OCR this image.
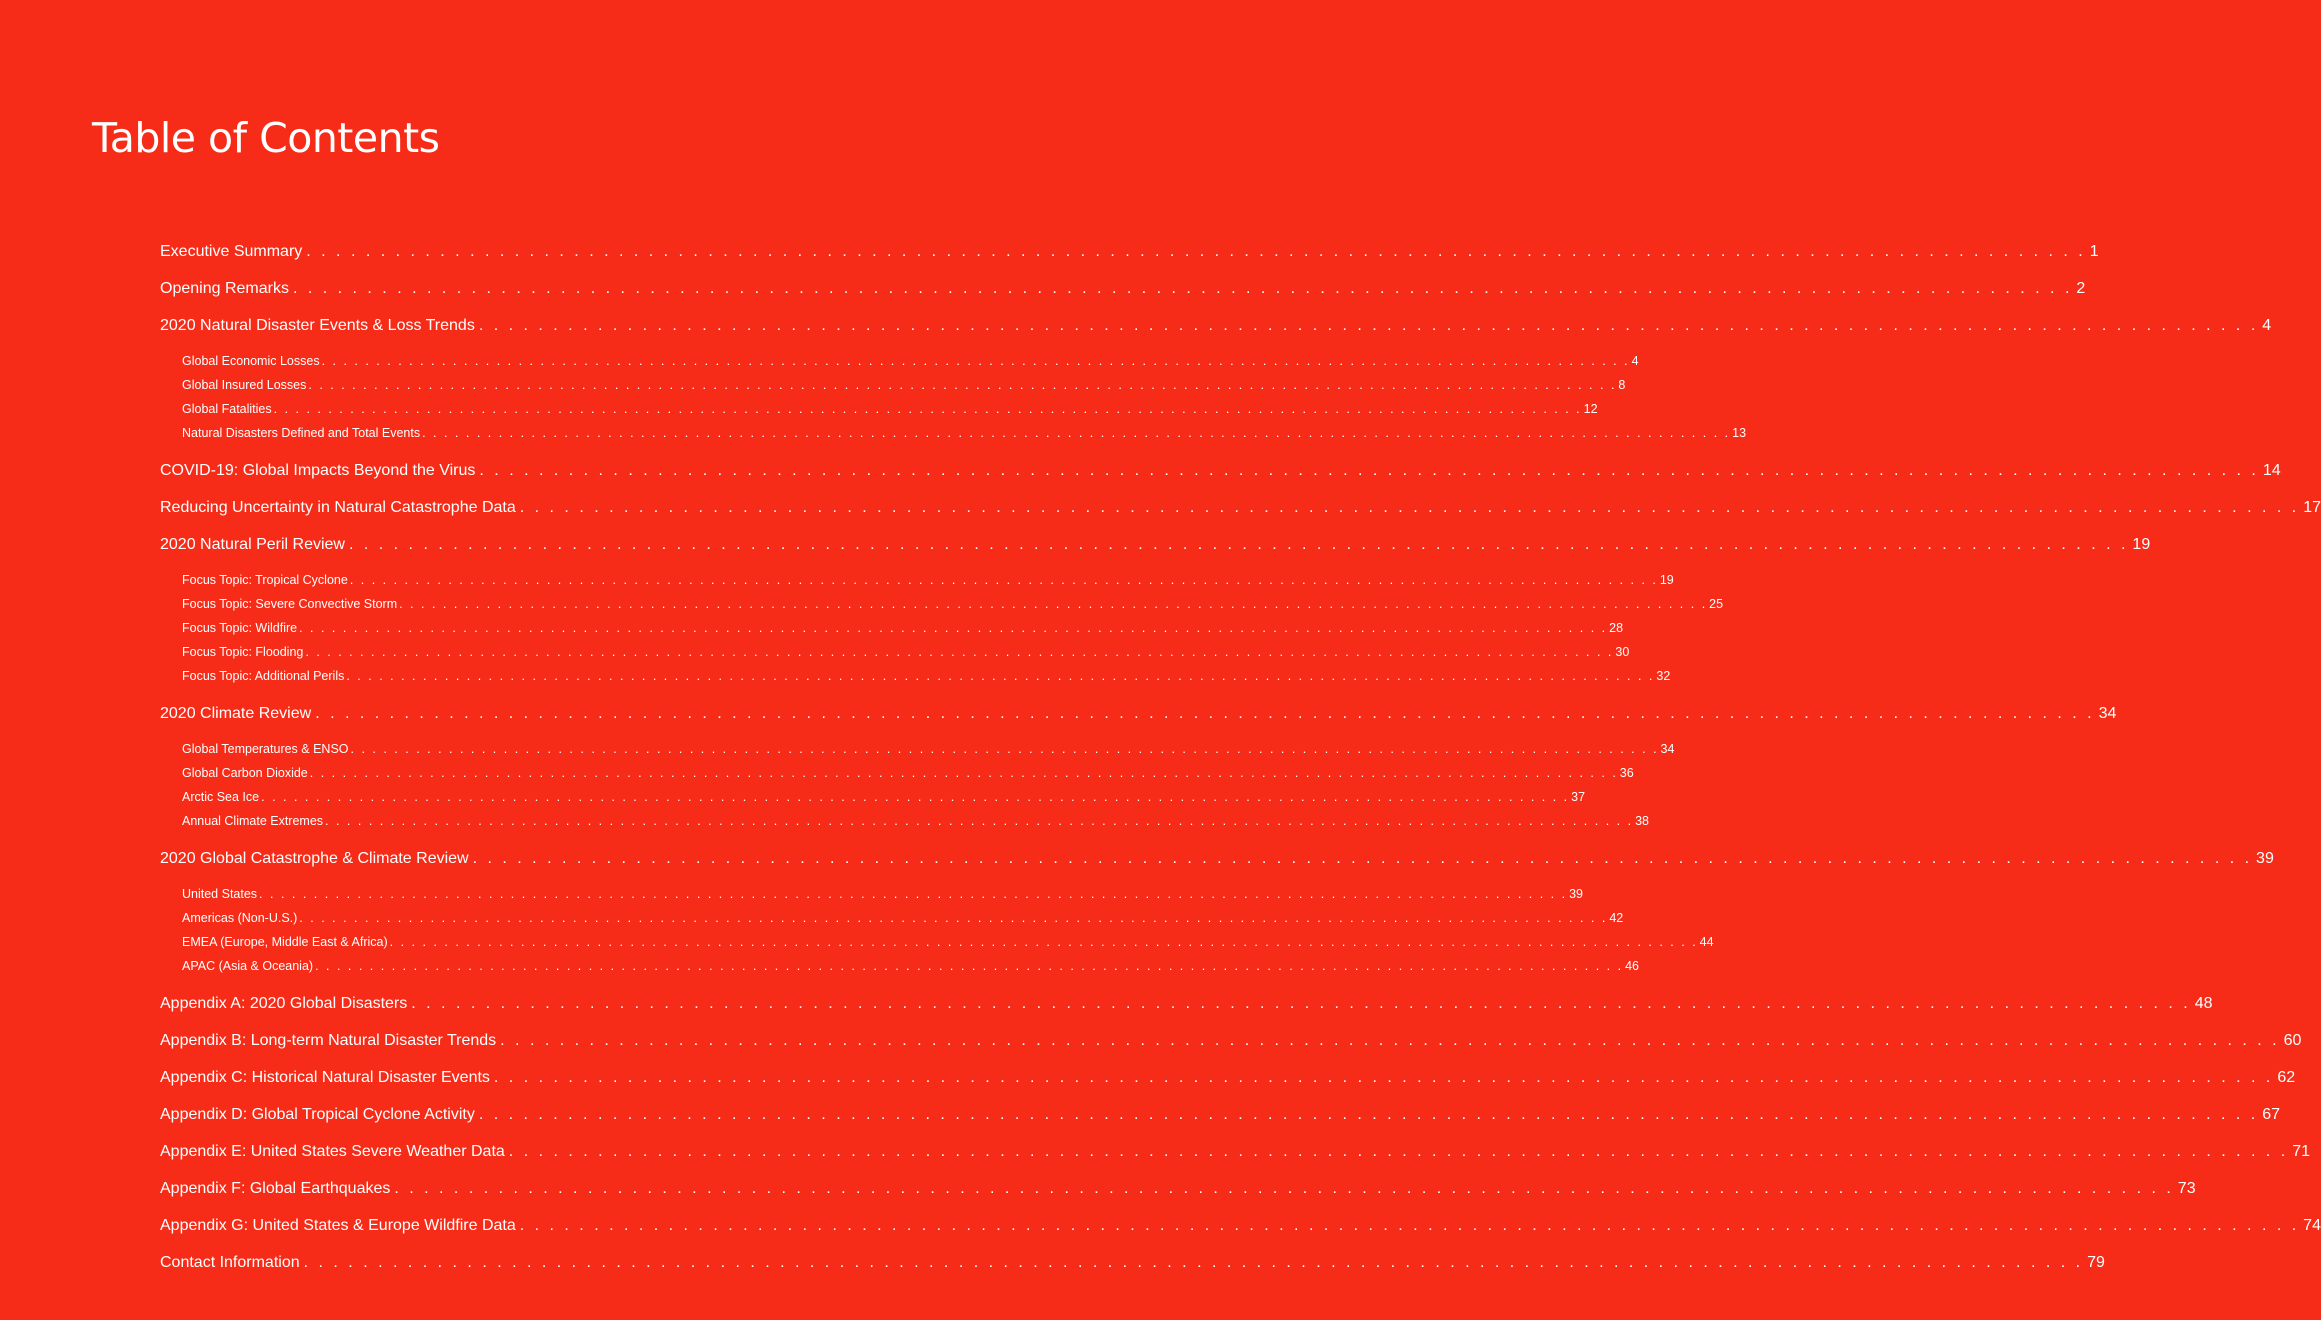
Table of Contents
Executive Summary . . . . . . . . . . . . . . . . . . . . . . . . . . . . . . . . . . . . . . . . . . . . . . . . . . . . . . . . . . . . . . . . . . . . . . . . . . . . . . . . . . . . . . . . . . . . . . . . . . . . . . . . . . . . . . . . . . . . . . . . 1
Opening Remarks . . . . . . . . . . . . . . . . . . . . . . . . . . . . . . . . . . . . . . . . . . . . . . . . . . . . . . . . . . . . . . . . . . . . . . . . . . . . . . . . . . . . . . . . . . . . . . . . . . . . . . . . . . . . . . . . . . . . . . . . 2
2020 Natural Disaster Events & Loss Trends . . . . . . . . . . . . . . . . . . . . . . . . . . . . . . . . . . . . . . . . . . . . . . . . . . . . . . . . . . . . . . . . . . . . . . . . . . . . . . . . . . . . . . . . . . . . . . . . . . . . . . . . . . . . . . . . . . . . . . . . 4
Global Economic Losses . . . . . . . . . . . . . . . . . . . . . . . . . . . . . . . . . . . . . . . . . . . . . . . . . . . . . . . . . . . . . . . . . . . . . . . . . . . . . . . . . . . . . . . . . . . . . . . . . . . . . . . . . . . . . . . . . . . . . . . . 4
Global Insured Losses . . . . . . . . . . . . . . . . . . . . . . . . . . . . . . . . . . . . . . . . . . . . . . . . . . . . . . . . . . . . . . . . . . . . . . . . . . . . . . . . . . . . . . . . . . . . . . . . . . . . . . . . . . . . . . . . . . . . . . . . 8
Global Fatalities . . . . . . . . . . . . . . . . . . . . . . . . . . . . . . . . . . . . . . . . . . . . . . . . . . . . . . . . . . . . . . . . . . . . . . . . . . . . . . . . . . . . . . . . . . . . . . . . . . . . . . . . . . . . . . . . . . . . . . . . 12
Natural Disasters Defined and Total Events . . . . . . . . . . . . . . . . . . . . . . . . . . . . . . . . . . . . . . . . . . . . . . . . . . . . . . . . . . . . . . . . . . . . . . . . . . . . . . . . . . . . . . . . . . . . . . . . . . . . . . . . . . . . . . . . . . . . . . . . 13
COVID-19: Global Impacts Beyond the Virus . . . . . . . . . . . . . . . . . . . . . . . . . . . . . . . . . . . . . . . . . . . . . . . . . . . . . . . . . . . . . . . . . . . . . . . . . . . . . . . . . . . . . . . . . . . . . . . . . . . . . . . . . . . . . . . . . . . . . . . . 14
Reducing Uncertainty in Natural Catastrophe Data . . . . . . . . . . . . . . . . . . . . . . . . . . . . . . . . . . . . . . . . . . . . . . . . . . . . . . . . . . . . . . . . . . . . . . . . . . . . . . . . . . . . . . . . . . . . . . . . . . . . . . . . . . . . . . . . . . . . . . . . 17
2020 Natural Peril Review . . . . . . . . . . . . . . . . . . . . . . . . . . . . . . . . . . . . . . . . . . . . . . . . . . . . . . . . . . . . . . . . . . . . . . . . . . . . . . . . . . . . . . . . . . . . . . . . . . . . . . . . . . . . . . . . . . . . . . . . 19
Focus Topic: Tropical Cyclone . . . . . . . . . . . . . . . . . . . . . . . . . . . . . . . . . . . . . . . . . . . . . . . . . . . . . . . . . . . . . . . . . . . . . . . . . . . . . . . . . . . . . . . . . . . . . . . . . . . . . . . . . . . . . . . . . . . . . . . . 19
Focus Topic: Severe Convective Storm . . . . . . . . . . . . . . . . . . . . . . . . . . . . . . . . . . . . . . . . . . . . . . . . . . . . . . . . . . . . . . . . . . . . . . . . . . . . . . . . . . . . . . . . . . . . . . . . . . . . . . . . . . . . . . . . . . . . . . . . 25
Focus Topic: Wildfire . . . . . . . . . . . . . . . . . . . . . . . . . . . . . . . . . . . . . . . . . . . . . . . . . . . . . . . . . . . . . . . . . . . . . . . . . . . . . . . . . . . . . . . . . . . . . . . . . . . . . . . . . . . . . . . . . . . . . . . . 28
Focus Topic: Flooding . . . . . . . . . . . . . . . . . . . . . . . . . . . . . . . . . . . . . . . . . . . . . . . . . . . . . . . . . . . . . . . . . . . . . . . . . . . . . . . . . . . . . . . . . . . . . . . . . . . . . . . . . . . . . . . . . . . . . . . . 30
Focus Topic: Additional Perils . . . . . . . . . . . . . . . . . . . . . . . . . . . . . . . . . . . . . . . . . . . . . . . . . . . . . . . . . . . . . . . . . . . . . . . . . . . . . . . . . . . . . . . . . . . . . . . . . . . . . . . . . . . . . . . . . . . . . . . . 32
2020 Climate Review . . . . . . . . . . . . . . . . . . . . . . . . . . . . . . . . . . . . . . . . . . . . . . . . . . . . . . . . . . . . . . . . . . . . . . . . . . . . . . . . . . . . . . . . . . . . . . . . . . . . . . . . . . . . . . . . . . . . . . . . 34
Global Temperatures & ENSO . . . . . . . . . . . . . . . . . . . . . . . . . . . . . . . . . . . . . . . . . . . . . . . . . . . . . . . . . . . . . . . . . . . . . . . . . . . . . . . . . . . . . . . . . . . . . . . . . . . . . . . . . . . . . . . . . . . . . . . . 34
Global Carbon Dioxide . . . . . . . . . . . . . . . . . . . . . . . . . . . . . . . . . . . . . . . . . . . . . . . . . . . . . . . . . . . . . . . . . . . . . . . . . . . . . . . . . . . . . . . . . . . . . . . . . . . . . . . . . . . . . . . . . . . . . . . . 36
Arctic Sea Ice . . . . . . . . . . . . . . . . . . . . . . . . . . . . . . . . . . . . . . . . . . . . . . . . . . . . . . . . . . . . . . . . . . . . . . . . . . . . . . . . . . . . . . . . . . . . . . . . . . . . . . . . . . . . . . . . . . . . . . . . 37
Annual Climate Extremes . . . . . . . . . . . . . . . . . . . . . . . . . . . . . . . . . . . . . . . . . . . . . . . . . . . . . . . . . . . . . . . . . . . . . . . . . . . . . . . . . . . . . . . . . . . . . . . . . . . . . . . . . . . . . . . . . . . . . . . . 38
2020 Global Catastrophe & Climate Review . . . . . . . . . . . . . . . . . . . . . . . . . . . . . . . . . . . . . . . . . . . . . . . . . . . . . . . . . . . . . . . . . . . . . . . . . . . . . . . . . . . . . . . . . . . . . . . . . . . . . . . . . . . . . . . . . . . . . . . . 39
United States . . . . . . . . . . . . . . . . . . . . . . . . . . . . . . . . . . . . . . . . . . . . . . . . . . . . . . . . . . . . . . . . . . . . . . . . . . . . . . . . . . . . . . . . . . . . . . . . . . . . . . . . . . . . . . . . . . . . . . . . 39
Americas (Non-U.S.) . . . . . . . . . . . . . . . . . . . . . . . . . . . . . . . . . . . . . . . . . . . . . . . . . . . . . . . . . . . . . . . . . . . . . . . . . . . . . . . . . . . . . . . . . . . . . . . . . . . . . . . . . . . . . . . . . . . . . . . . 42
EMEA (Europe, Middle East & Africa) . . . . . . . . . . . . . . . . . . . . . . . . . . . . . . . . . . . . . . . . . . . . . . . . . . . . . . . . . . . . . . . . . . . . . . . . . . . . . . . . . . . . . . . . . . . . . . . . . . . . . . . . . . . . . . . . . . . . . . . . 44
APAC (Asia & Oceania) . . . . . . . . . . . . . . . . . . . . . . . . . . . . . . . . . . . . . . . . . . . . . . . . . . . . . . . . . . . . . . . . . . . . . . . . . . . . . . . . . . . . . . . . . . . . . . . . . . . . . . . . . . . . . . . . . . . . . . . . 46
Appendix A: 2020 Global Disasters . . . . . . . . . . . . . . . . . . . . . . . . . . . . . . . . . . . . . . . . . . . . . . . . . . . . . . . . . . . . . . . . . . . . . . . . . . . . . . . . . . . . . . . . . . . . . . . . . . . . . . . . . . . . . . . . . . . . . . . . 48
Appendix B: Long-term Natural Disaster Trends . . . . . . . . . . . . . . . . . . . . . . . . . . . . . . . . . . . . . . . . . . . . . . . . . . . . . . . . . . . . . . . . . . . . . . . . . . . . . . . . . . . . . . . . . . . . . . . . . . . . . . . . . . . . . . . . . . . . . . . . 60
Appendix C: Historical Natural Disaster Events . . . . . . . . . . . . . . . . . . . . . . . . . . . . . . . . . . . . . . . . . . . . . . . . . . . . . . . . . . . . . . . . . . . . . . . . . . . . . . . . . . . . . . . . . . . . . . . . . . . . . . . . . . . . . . . . . . . . . . . . 62
Appendix D: Global Tropical Cyclone Activity . . . . . . . . . . . . . . . . . . . . . . . . . . . . . . . . . . . . . . . . . . . . . . . . . . . . . . . . . . . . . . . . . . . . . . . . . . . . . . . . . . . . . . . . . . . . . . . . . . . . . . . . . . . . . . . . . . . . . . . . 67
Appendix E: United States Severe Weather Data . . . . . . . . . . . . . . . . . . . . . . . . . . . . . . . . . . . . . . . . . . . . . . . . . . . . . . . . . . . . . . . . . . . . . . . . . . . . . . . . . . . . . . . . . . . . . . . . . . . . . . . . . . . . . . . . . . . . . . . . 71
Appendix F: Global Earthquakes . . . . . . . . . . . . . . . . . . . . . . . . . . . . . . . . . . . . . . . . . . . . . . . . . . . . . . . . . . . . . . . . . . . . . . . . . . . . . . . . . . . . . . . . . . . . . . . . . . . . . . . . . . . . . . . . . . . . . . . . 73
Appendix G: United States & Europe Wildfire Data . . . . . . . . . . . . . . . . . . . . . . . . . . . . . . . . . . . . . . . . . . . . . . . . . . . . . . . . . . . . . . . . . . . . . . . . . . . . . . . . . . . . . . . . . . . . . . . . . . . . . . . . . . . . . . . . . . . . . . . . 74
Contact Information . . . . . . . . . . . . . . . . . . . . . . . . . . . . . . . . . . . . . . . . . . . . . . . . . . . . . . . . . . . . . . . . . . . . . . . . . . . . . . . . . . . . . . . . . . . . . . . . . . . . . . . . . . . . . . . . . . . . . . . . 79
